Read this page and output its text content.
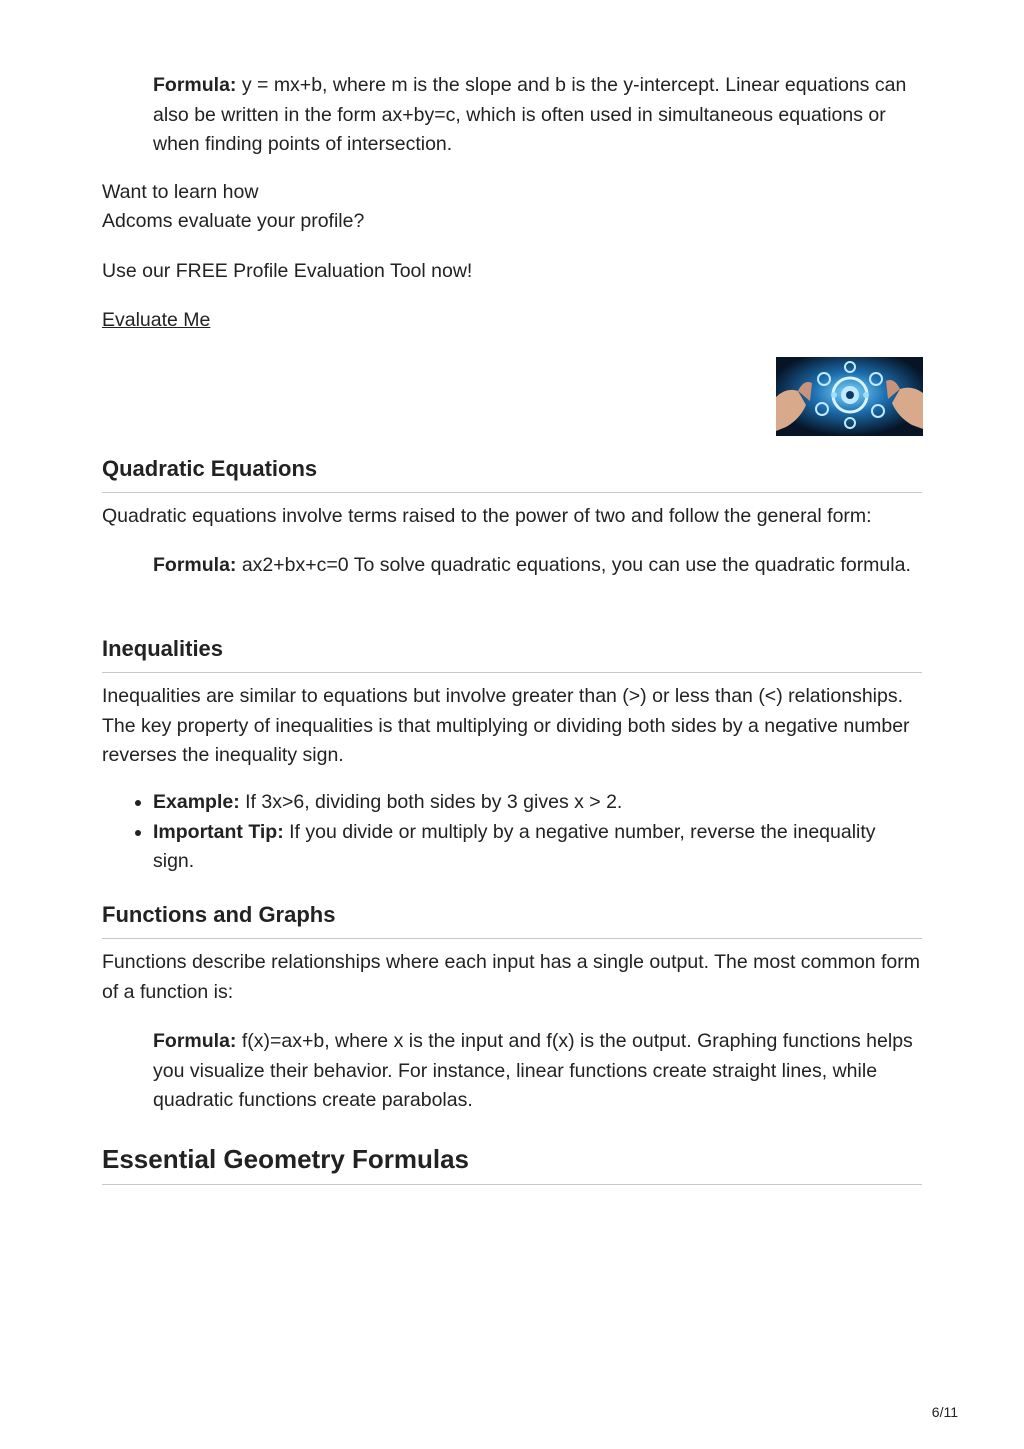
Formula: y = mx+b, where m is the slope and b is the y-intercept. Linear equations can also be written in the form ax+by=c, which is often used in simultaneous equations or when finding points of intersection.

Want to learn how

Adcoms evaluate your profile?

Use our FREE Profile Evaluation Tool now!

Evaluate Me

Quadratic Equations

Quadratic equations involve terms raised to the power of two and follow the general form:

Formula: ax2+bx+c=0 To solve quadratic equations, you can use the quadratic formula.

Inequalities

Inequalities are similar to equations but involve greater than (>) or less than (<) relationships. The key property of inequalities is that multiplying or dividing both sides by a negative number reverses the inequality sign.

• Example: If 3x>6, dividing both sides by 3 gives x > 2.
• Important Tip: If you divide or multiply by a negative number, reverse the inequality sign.
Functions and Graphs

Functions describe relationships where each input has a single output. The most common form of a function is:

Formula: f(x)=ax+b, where x is the input and f(x) is the output. Graphing functions helps you visualize their behavior. For instance, linear functions create straight lines, while quadratic functions create parabolas.

Essential Geometry Formulas
6/11
